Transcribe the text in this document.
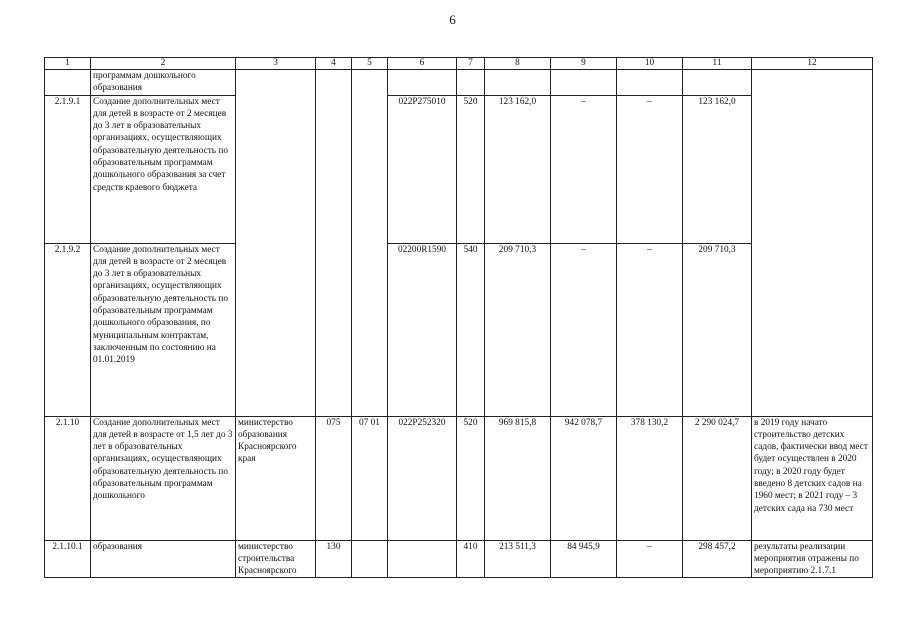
6
1	2	3	4	5	6	7	8	9	10	11	12
	программам дошкольного образования										
2.1.9.1	Создание дополнительных мест для детей в возрасте от 2 месяцев до 3 лет в образовательных организациях, осуществляющих образовательную деятельность по образовательным программам дошкольного образования за счет средств краевого бюджета				022P275010	520	123 162,0	–	–	123 162,0	
2.1.9.2	Создание дополнительных мест для детей в возрасте от 2 месяцев до 3 лет в образовательных организациях, осуществляющих образовательную деятельность по образовательным программам дошкольного образования, по муниципальным контрактам, заключенным по состоянию на 01.01.2019				02200R1590	540	209 710,3	–	–	209 710,3	
2.1.10	Создание дополнительных мест для детей в возрасте от 1,5 лет до 3 лет в образовательных организациях, осуществляющих образовательную деятельность по образовательным программам дошкольного	министерство образования Красноярского края	075	07 01	022P252320	520	969 815,8	942 078,7	378 130,2	2 290 024,7	в 2019 году начато строительство детских садов, фактически ввод мест будет осуществлен в 2020 году; в 2020 году будет введено 8 детских садов на 1960 мест; в 2021 году – 3 детских сада на 730 мест
2.1.10.1	образования	министерство строительства Красноярского	130			410	213 511,3	84 945,9	–	298 457,2	результаты реализации мероприятия отражены по мероприятию 2.1.7.1
